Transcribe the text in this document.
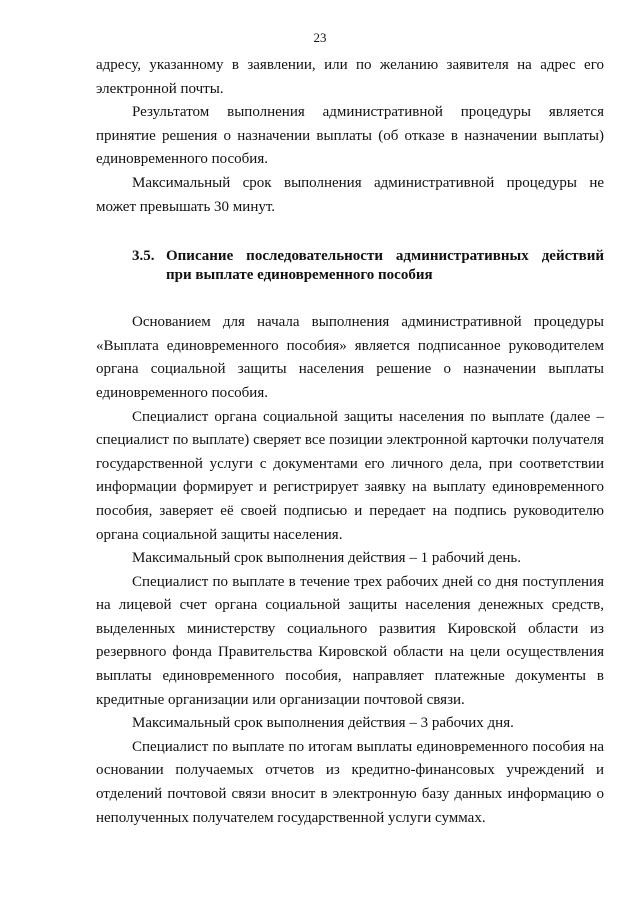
23

адресу, указанному в заявлении, или по желанию заявителя на адрес его электронной почты.

Результатом выполнения административной процедуры является принятие решения о назначении выплаты (об отказе в назначении выплаты) единовременного пособия.

Максимальный срок выполнения административной процедуры не может превышать 30 минут.

3.5. Описание последовательности административных действий при выплате единовременного пособия

Основанием для начала выполнения административной процедуры «Выплата единовременного пособия» является подписанное руководителем органа социальной защиты населения решение о назначении выплаты единовременного пособия.

Специалист органа социальной защиты населения по выплате (далее – специалист по выплате) сверяет все позиции электронной карточки получателя государственной услуги с документами его личного дела, при соответствии информации формирует и регистрирует заявку на выплату единовременного пособия, заверяет её своей подписью и передает на подпись руководителю органа социальной защиты населения.

Максимальный срок выполнения действия – 1 рабочий день.

Специалист по выплате в течение трех рабочих дней со дня поступления на лицевой счет органа социальной защиты населения денежных средств, выделенных министерству социального развития Кировской области из резервного фонда Правительства Кировской области на цели осуществления выплаты единовременного пособия, направляет платежные документы в кредитные организации или организации почтовой связи.

Максимальный срок выполнения действия – 3 рабочих дня.

Специалист по выплате по итогам выплаты единовременного пособия на основании получаемых отчетов из кредитно-финансовых учреждений и отделений почтовой связи вносит в электронную базу данных информацию о неполученных получателем государственной услуги суммах.
